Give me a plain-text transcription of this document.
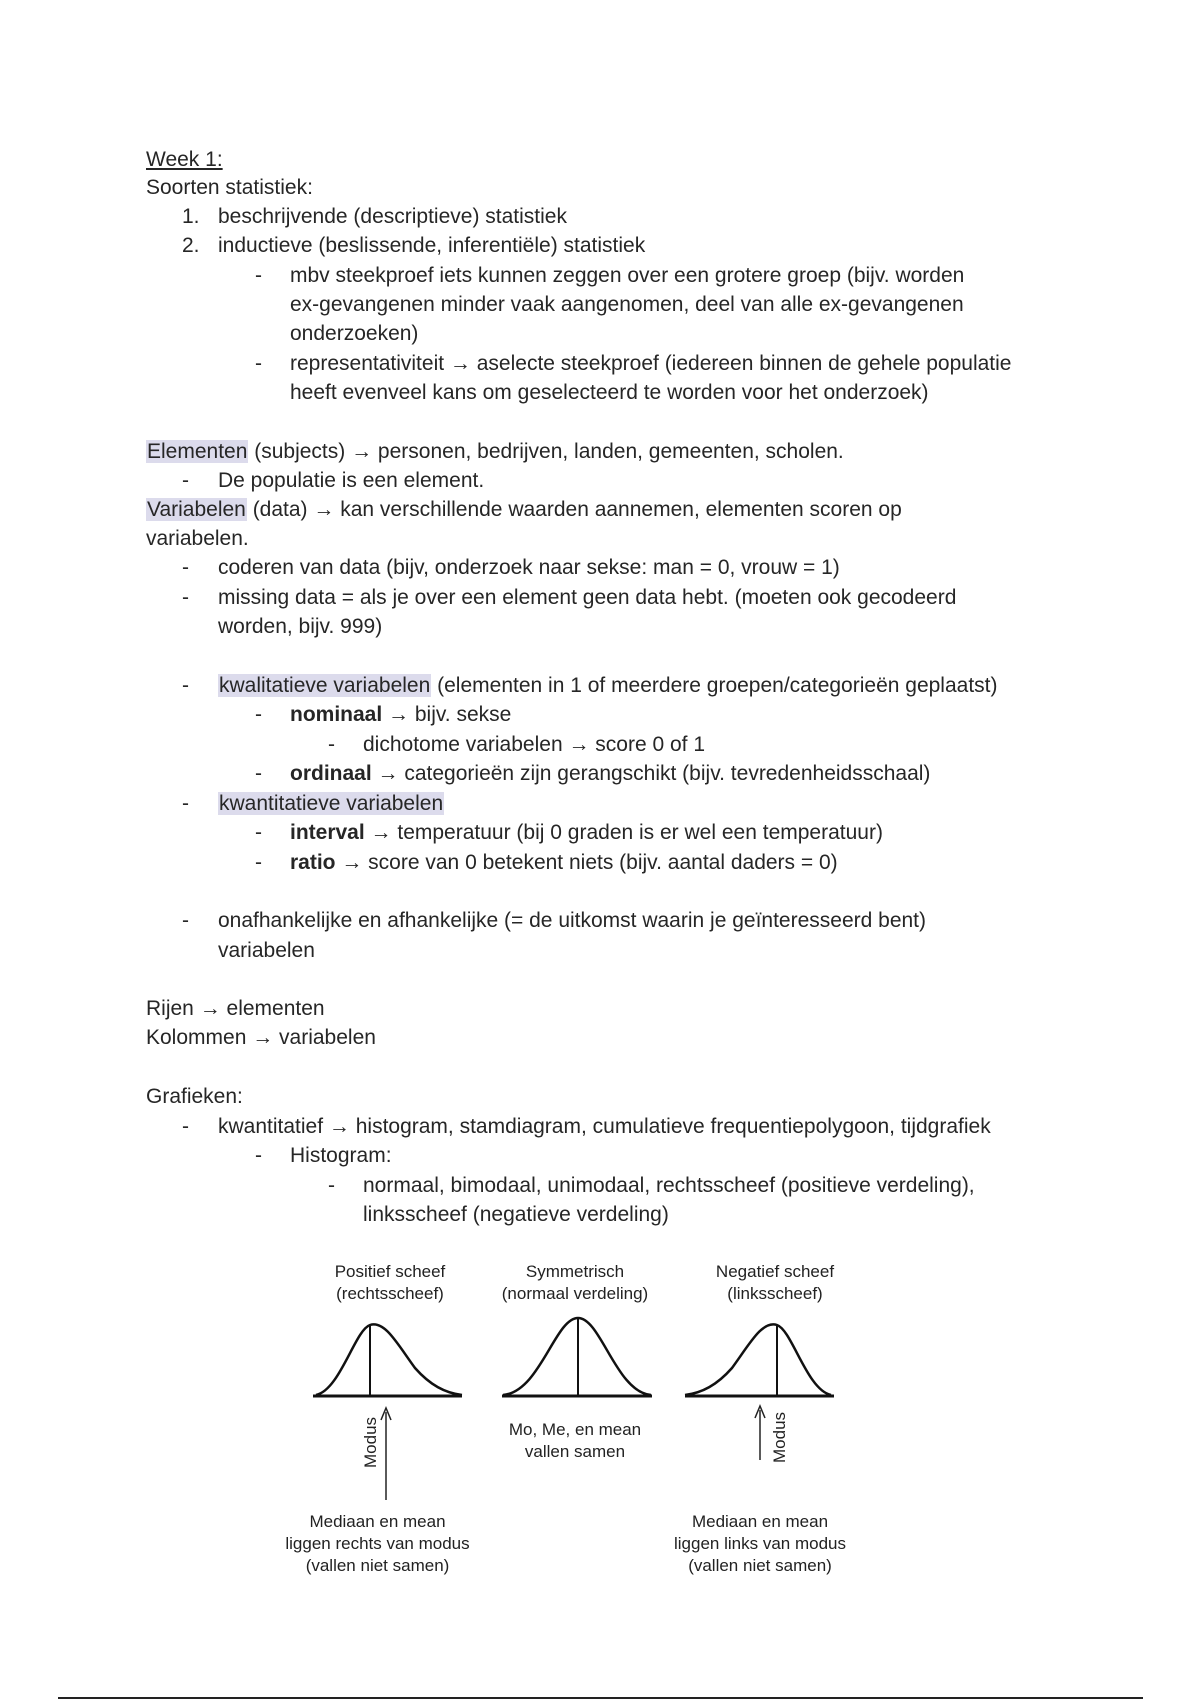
Week 1:
Soorten statistiek:
1. beschrijvende (descriptieve) statistiek
2. inductieve (beslissende, inferentiële) statistiek
- mbv steekproef iets kunnen zeggen over een grotere groep (bijv. worden
ex-gevangenen minder vaak aangenomen, deel van alle ex-gevangenen
onderzoeken)
- representativiteit → aselecte steekproef (iedereen binnen de gehele populatie
heeft evenveel kans om geselecteerd te worden voor het onderzoek)
Elementen (subjects) → personen, bedrijven, landen, gemeenten, scholen.
- De populatie is een element.
Variabelen (data) → kan verschillende waarden aannemen, elementen scoren op
variabelen.
- coderen van data (bijv, onderzoek naar sekse: man = 0, vrouw = 1)
- missing data = als je over een element geen data hebt. (moeten ook gecodeerd
worden, bijv. 999)
- kwalitatieve variabelen (elementen in 1 of meerdere groepen/categorieën geplaatst)
- nominaal → bijv. sekse
- dichotome variabelen → score 0 of 1
- ordinaal → categorieën zijn gerangschikt (bijv. tevredenheidsschaal)
- kwantitatieve variabelen
- interval → temperatuur (bij 0 graden is er wel een temperatuur)
- ratio → score van 0 betekent niets (bijv. aantal daders = 0)
- onafhankelijke en afhankelijke (= de uitkomst waarin je geïnteresseerd bent)
variabelen
Rijen → elementen
Kolommen → variabelen
Grafieken:
- kwantitatief → histogram, stamdiagram, cumulatieve frequentiepolygoon, tijdgrafiek
- Histogram:
- normaal, bimodaal, unimodaal, rechtsscheef (positieve verdeling),
linksscheef (negatieve verdeling)
Positief scheef
(rechtsscheef)
Symmetrisch
(normaal verdeling)
Negatief scheef
(linksscheef)
Modus	Modus
Mo, Me, en mean
vallen samen
Mediaan en mean
liggen rechts van modus
(vallen niet samen)
Mediaan en mean
liggen links van modus
(vallen niet samen)
